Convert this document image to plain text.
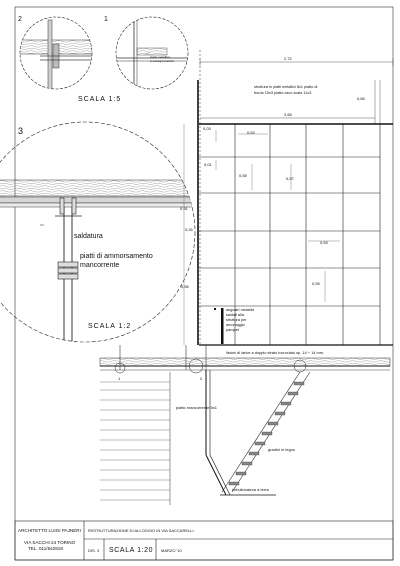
2	1
piatto metallico
a sostegno tavola
SCALA 1:5
3
saldatura
piatti di ammorsamento
mancorrente
SCALA 1:2
2,72
2,65
0,65
struttura in piatti metallici 8x1 piatto di
bordo 15x3 piatto cavo scala 11x3
0,91
0,26
0,55
0,03
0,53
0,01
0,55
0,57
0,53
0,55
angolari metallici
saldati alla
struttura per
ancoraggio
parquet
listoni di larice a doppio strato incrociato sp. 14 + 14 mm.
1	2
piatto mancorrente 5x1
gradini in legno
imbullonatura a terra
ARCHITETTO LUIGI PAJNERI
VIA SACCHI 24 TORINO
TEL. 011/542818
RISTRUTTURAZIONE DI ALLOGGIO IN VIA SACCARELLI
DIS. 3 SCALA 1:20 MARZO '10
